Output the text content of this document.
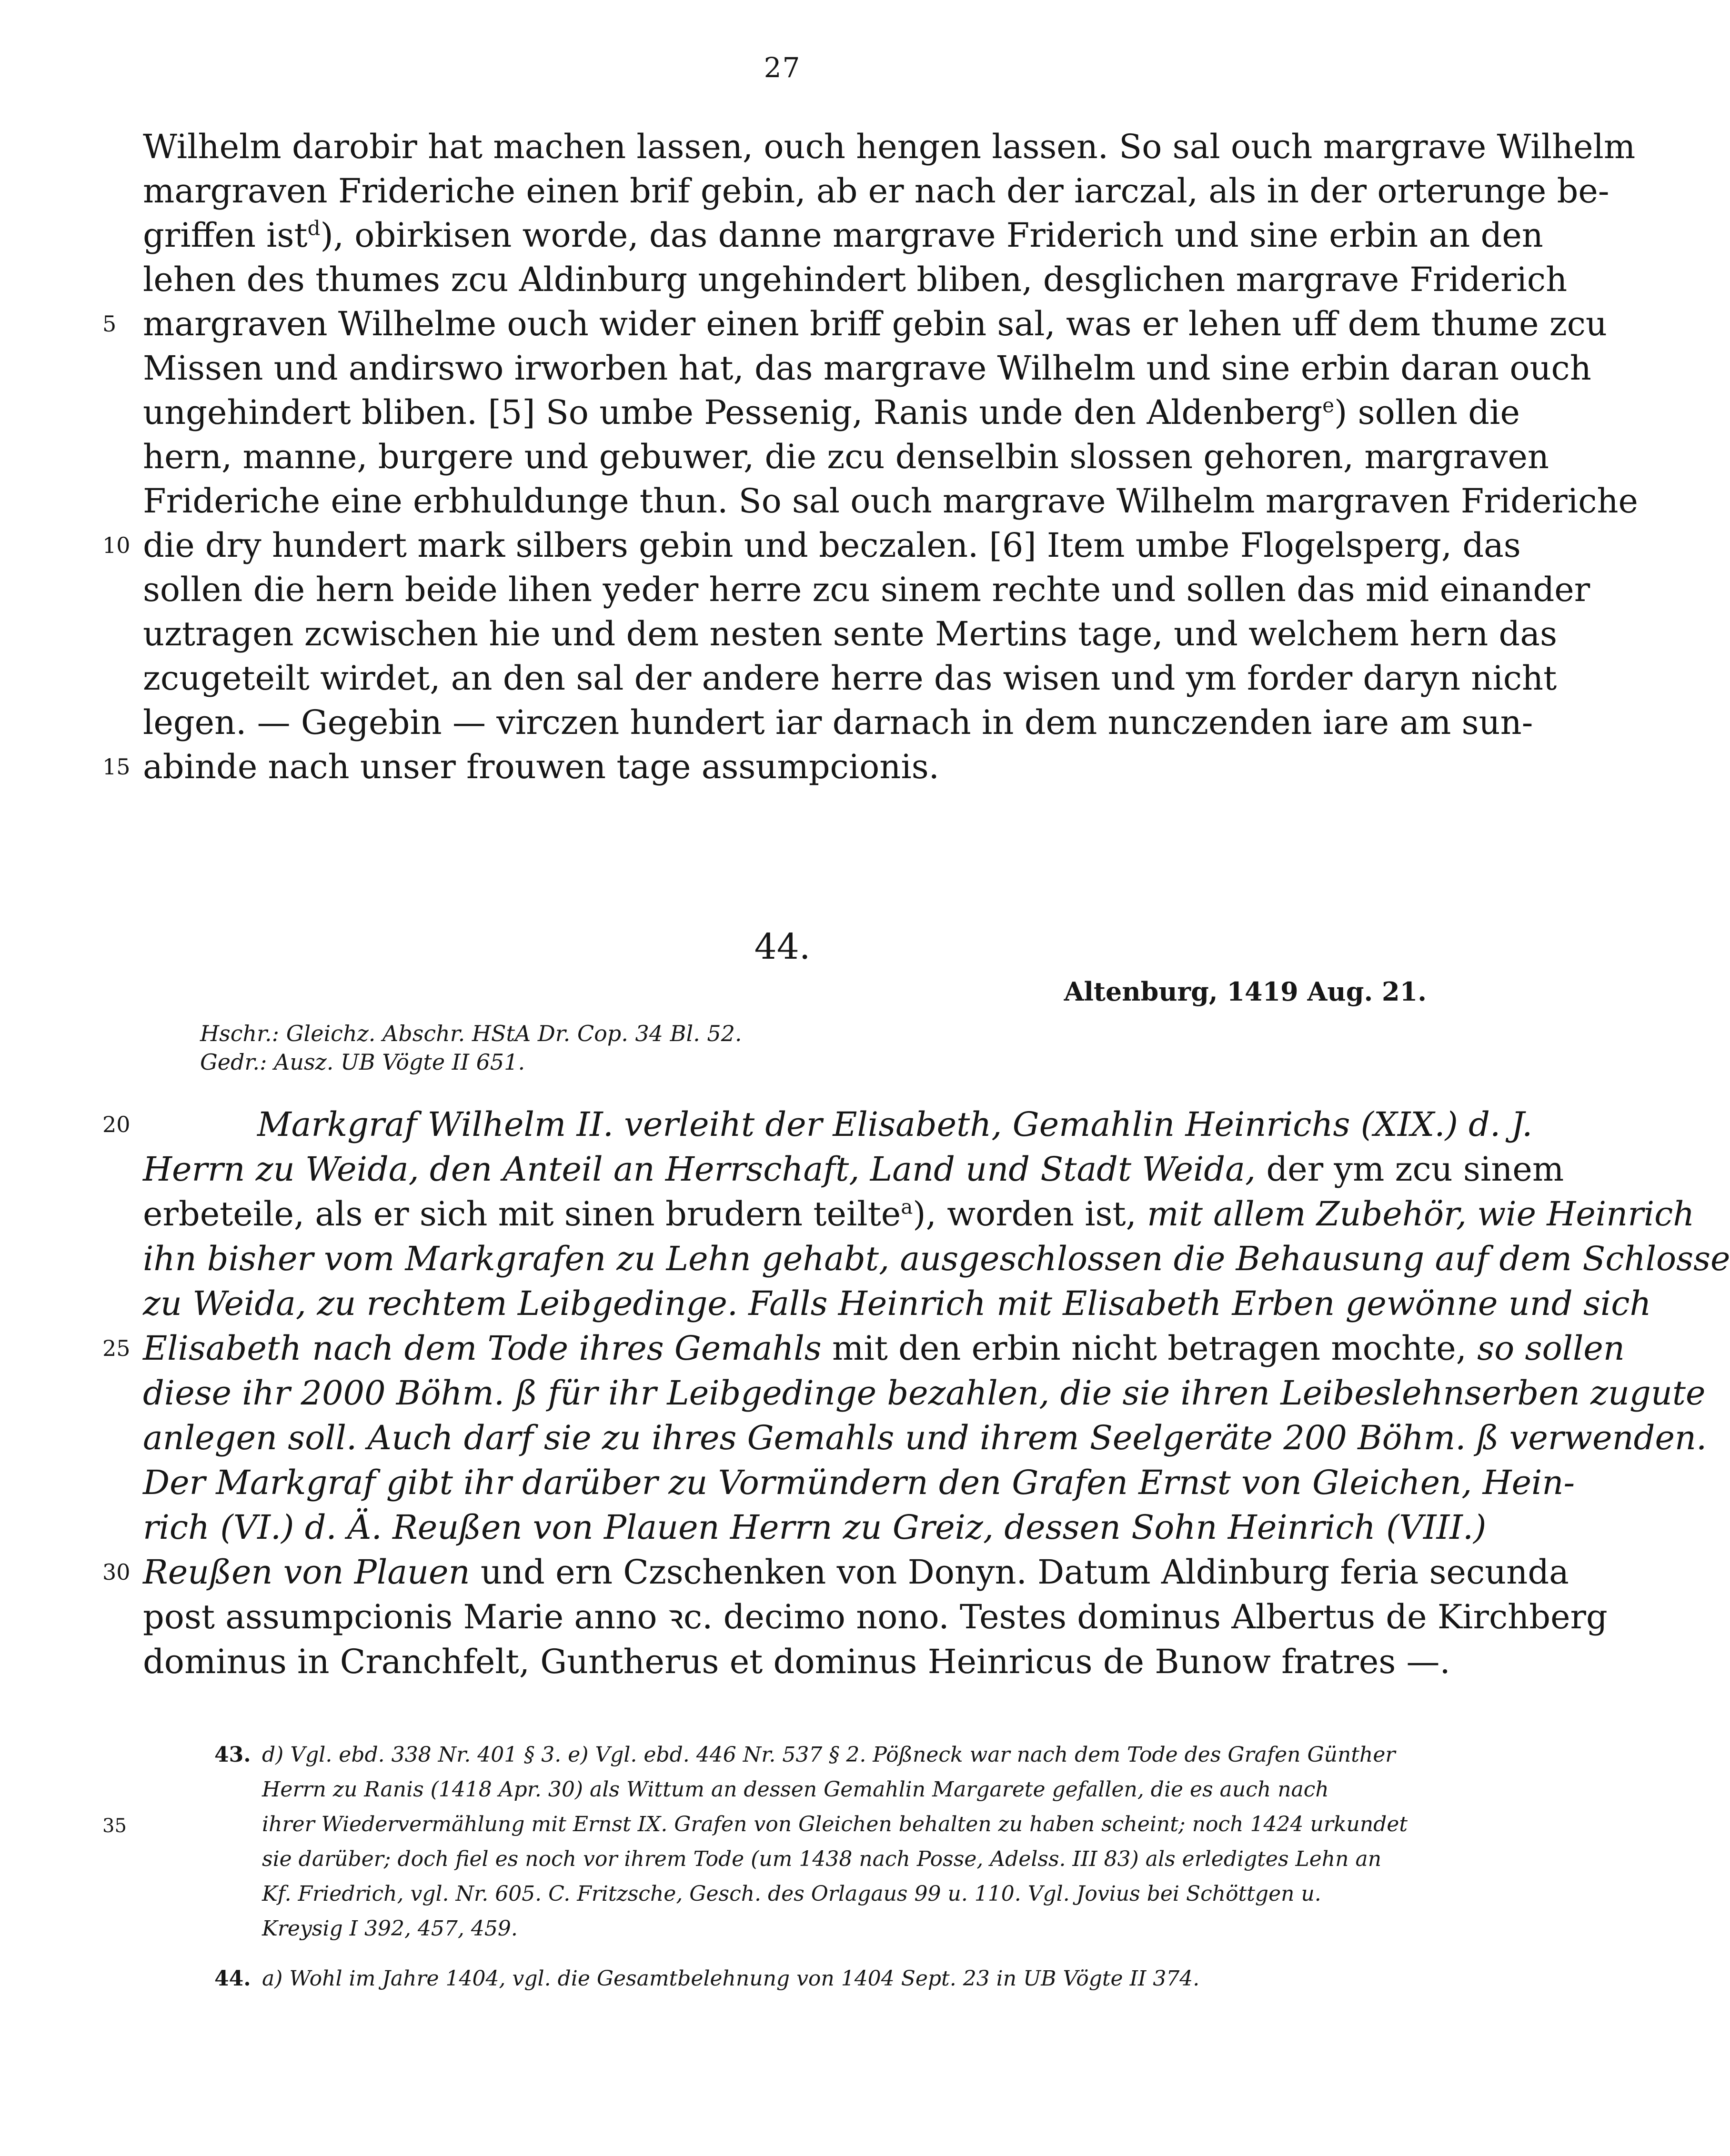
27
Wilhelm darobir hat machen lassen, ouch hengen lassen. So sal ouch margrave Wilhelm
margraven Frideriche einen brif gebin, ab er nach der iarczal, als in der orterunge be-
griffen ist$^d$), obirkisen worde, das danne margrave Friderich und sine erbin an den
lehen des thumes zcu Aldinburg ungehindert bliben, desglichen margrave Friderich
margraven Wilhelme ouch wider einen briff gebin sal, was er lehen uff dem thume zcu
5
Missen und andirswo irworben hat, das margrave Wilhelm und sine erbin daran ouch
ungehindert bliben. [5] So umbe Pessenig, Ranis unde den Aldenberg$^e$) sollen die
hern, manne, burgere und gebuwer, die zcu denselbin slossen gehoren, margraven
Frideriche eine erbhuldunge thun. So sal ouch margrave Wilhelm margraven Frideriche
die dry hundert mark silbers gebin und beczalen. [6] Item umbe Flogelsperg, das
10
sollen die hern beide lihen yeder herre zcu sinem rechte und sollen das mid einander
uztragen zcwischen hie und dem nesten sente Mertins tage, und welchem hern das
zcugeteilt wirdet, an den sal der andere herre das wisen und ym forder daryn nicht
legen. — Gegebin — virczen hundert iar darnach in dem nunczenden iare am sun-
abinde nach unser frouwen tage assumpcionis.
15
44.
Altenburg, 1419 Aug. 21.
Hschr.: Gleichz. Abschr. HStA Dr. Cop. 34 Bl. 52.
Gedr.: Ausz. UB Vögte II 651.
Markgraf Wilhelm II. verleiht der Elisabeth, Gemahlin Heinrichs (XIX.) d. J.
20
Herrn zu Weida, den Anteil an Herrschaft, Land und Stadt Weida, der ym zcu sinem
erbeteile, als er sich mit sinen brudern teilte$^a$), worden ist, mit allem Zubehör, wie Heinrich
ihn bisher vom Markgrafen zu Lehn gehabt, ausgeschlossen die Behausung auf dem Schlosse
zu Weida, zu rechtem Leibgedinge. Falls Heinrich mit Elisabeth Erben gewönne und sich
Elisabeth nach dem Tode ihres Gemahls mit den erbin nicht betragen mochte, so sollen
25
diese ihr 2000 Böhm. ß für ihr Leibgedinge bezahlen, die sie ihren Leibeslehnserben zugute
anlegen soll. Auch darf sie zu ihres Gemahls und ihrem Seelgeräte 200 Böhm. ß verwenden.
Der Markgraf gibt ihr darüber zu Vormündern den Grafen Ernst von Gleichen, Hein-
rich (VI.) d. Ä. Reußen von Plauen Herrn zu Greiz, dessen Sohn Heinrich (VIII.)
Reußen von Plauen und ern Czschenken von Donyn. Datum Aldinburg feria secunda
30
post assumpcionis Marie anno ꝛc. decimo nono. Testes dominus Albertus de Kirchberg
dominus in Cranchfelt, Guntherus et dominus Heinricus de Bunow fratres —.
43. d) Vgl. ebd. 338 Nr. 401 § 3. e) Vgl. ebd. 446 Nr. 537 § 2. Pößneck war nach dem Tode des Grafen Günther
Herrn zu Ranis (1418 Apr. 30) als Wittum an dessen Gemahlin Margarete gefallen, die es auch nach
ihrer Wiedervermählung mit Ernst IX. Grafen von Gleichen behalten zu haben scheint; noch 1424 urkundet
35
sie darüber; doch fiel es noch vor ihrem Tode (um 1438 nach Posse, Adelss. III 83) als erledigtes Lehn an
Kf. Friedrich, vgl. Nr. 605. C. Fritzsche, Gesch. des Orlagaus 99 u. 110. Vgl. Jovius bei Schöttgen u.
Kreysig I 392, 457, 459.
44. a) Wohl im Jahre 1404, vgl. die Gesamtbelehnung von 1404 Sept. 23 in UB Vögte II 374.
